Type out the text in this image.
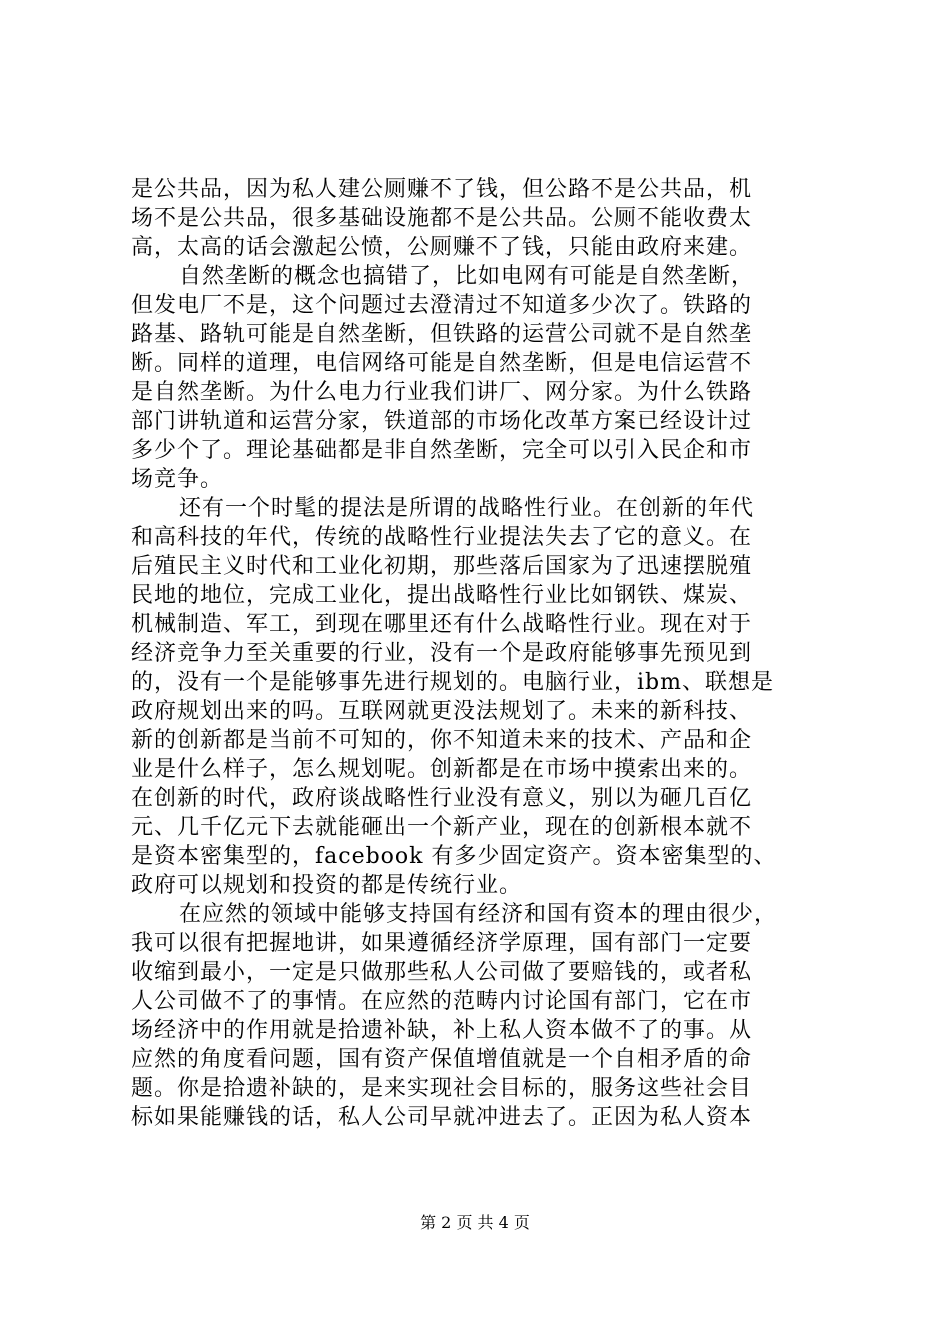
是公共品，因为私人建公厕赚不了钱，但公路不是公共品，机
场不是公共品，很多基础设施都不是公共品。公厕不能收费太
高，太高的话会激起公愤，公厕赚不了钱，只能由政府来建。
自然垄断的概念也搞错了，比如电网有可能是自然垄断，
但发电厂不是，这个问题过去澄清过不知道多少次了。铁路的
路基、路轨可能是自然垄断，但铁路的运营公司就不是自然垄
断。同样的道理，电信网络可能是自然垄断，但是电信运营不
是自然垄断。为什么电力行业我们讲厂、网分家。为什么铁路
部门讲轨道和运营分家，铁道部的市场化改革方案已经设计过
多少个了。理论基础都是非自然垄断，完全可以引入民企和市
场竞争。
还有一个时髦的提法是所谓的战略性行业。在创新的年代
和高科技的年代，传统的战略性行业提法失去了它的意义。在
后殖民主义时代和工业化初期，那些落后国家为了迅速摆脱殖
民地的地位，完成工业化，提出战略性行业比如钢铁、煤炭、
机械制造、军工，到现在哪里还有什么战略性行业。现在对于
经济竞争力至关重要的行业，没有一个是政府能够事先预见到
的，没有一个是能够事先进行规划的。电脑行业，ibm、联想是
政府规划出来的吗。互联网就更没法规划了。未来的新科技、
新的创新都是当前不可知的，你不知道未来的技术、产品和企
业是什么样子，怎么规划呢。创新都是在市场中摸索出来的。
在创新的时代，政府谈战略性行业没有意义，别以为砸几百亿
元、几千亿元下去就能砸出一个新产业，现在的创新根本就不
是资本密集型的，facebook 有多少固定资产。资本密集型的、
政府可以规划和投资的都是传统行业。
在应然的领域中能够支持国有经济和国有资本的理由很少，
我可以很有把握地讲，如果遵循经济学原理，国有部门一定要
收缩到最小，一定是只做那些私人公司做了要赔钱的，或者私
人公司做不了的事情。在应然的范畴内讨论国有部门，它在市
场经济中的作用就是拾遗补缺，补上私人资本做不了的事。从
应然的角度看问题，国有资产保值增值就是一个自相矛盾的命
题。你是拾遗补缺的，是来实现社会目标的，服务这些社会目
标如果能赚钱的话，私人公司早就冲进去了。正因为私人资本
第 2 页 共 4 页
